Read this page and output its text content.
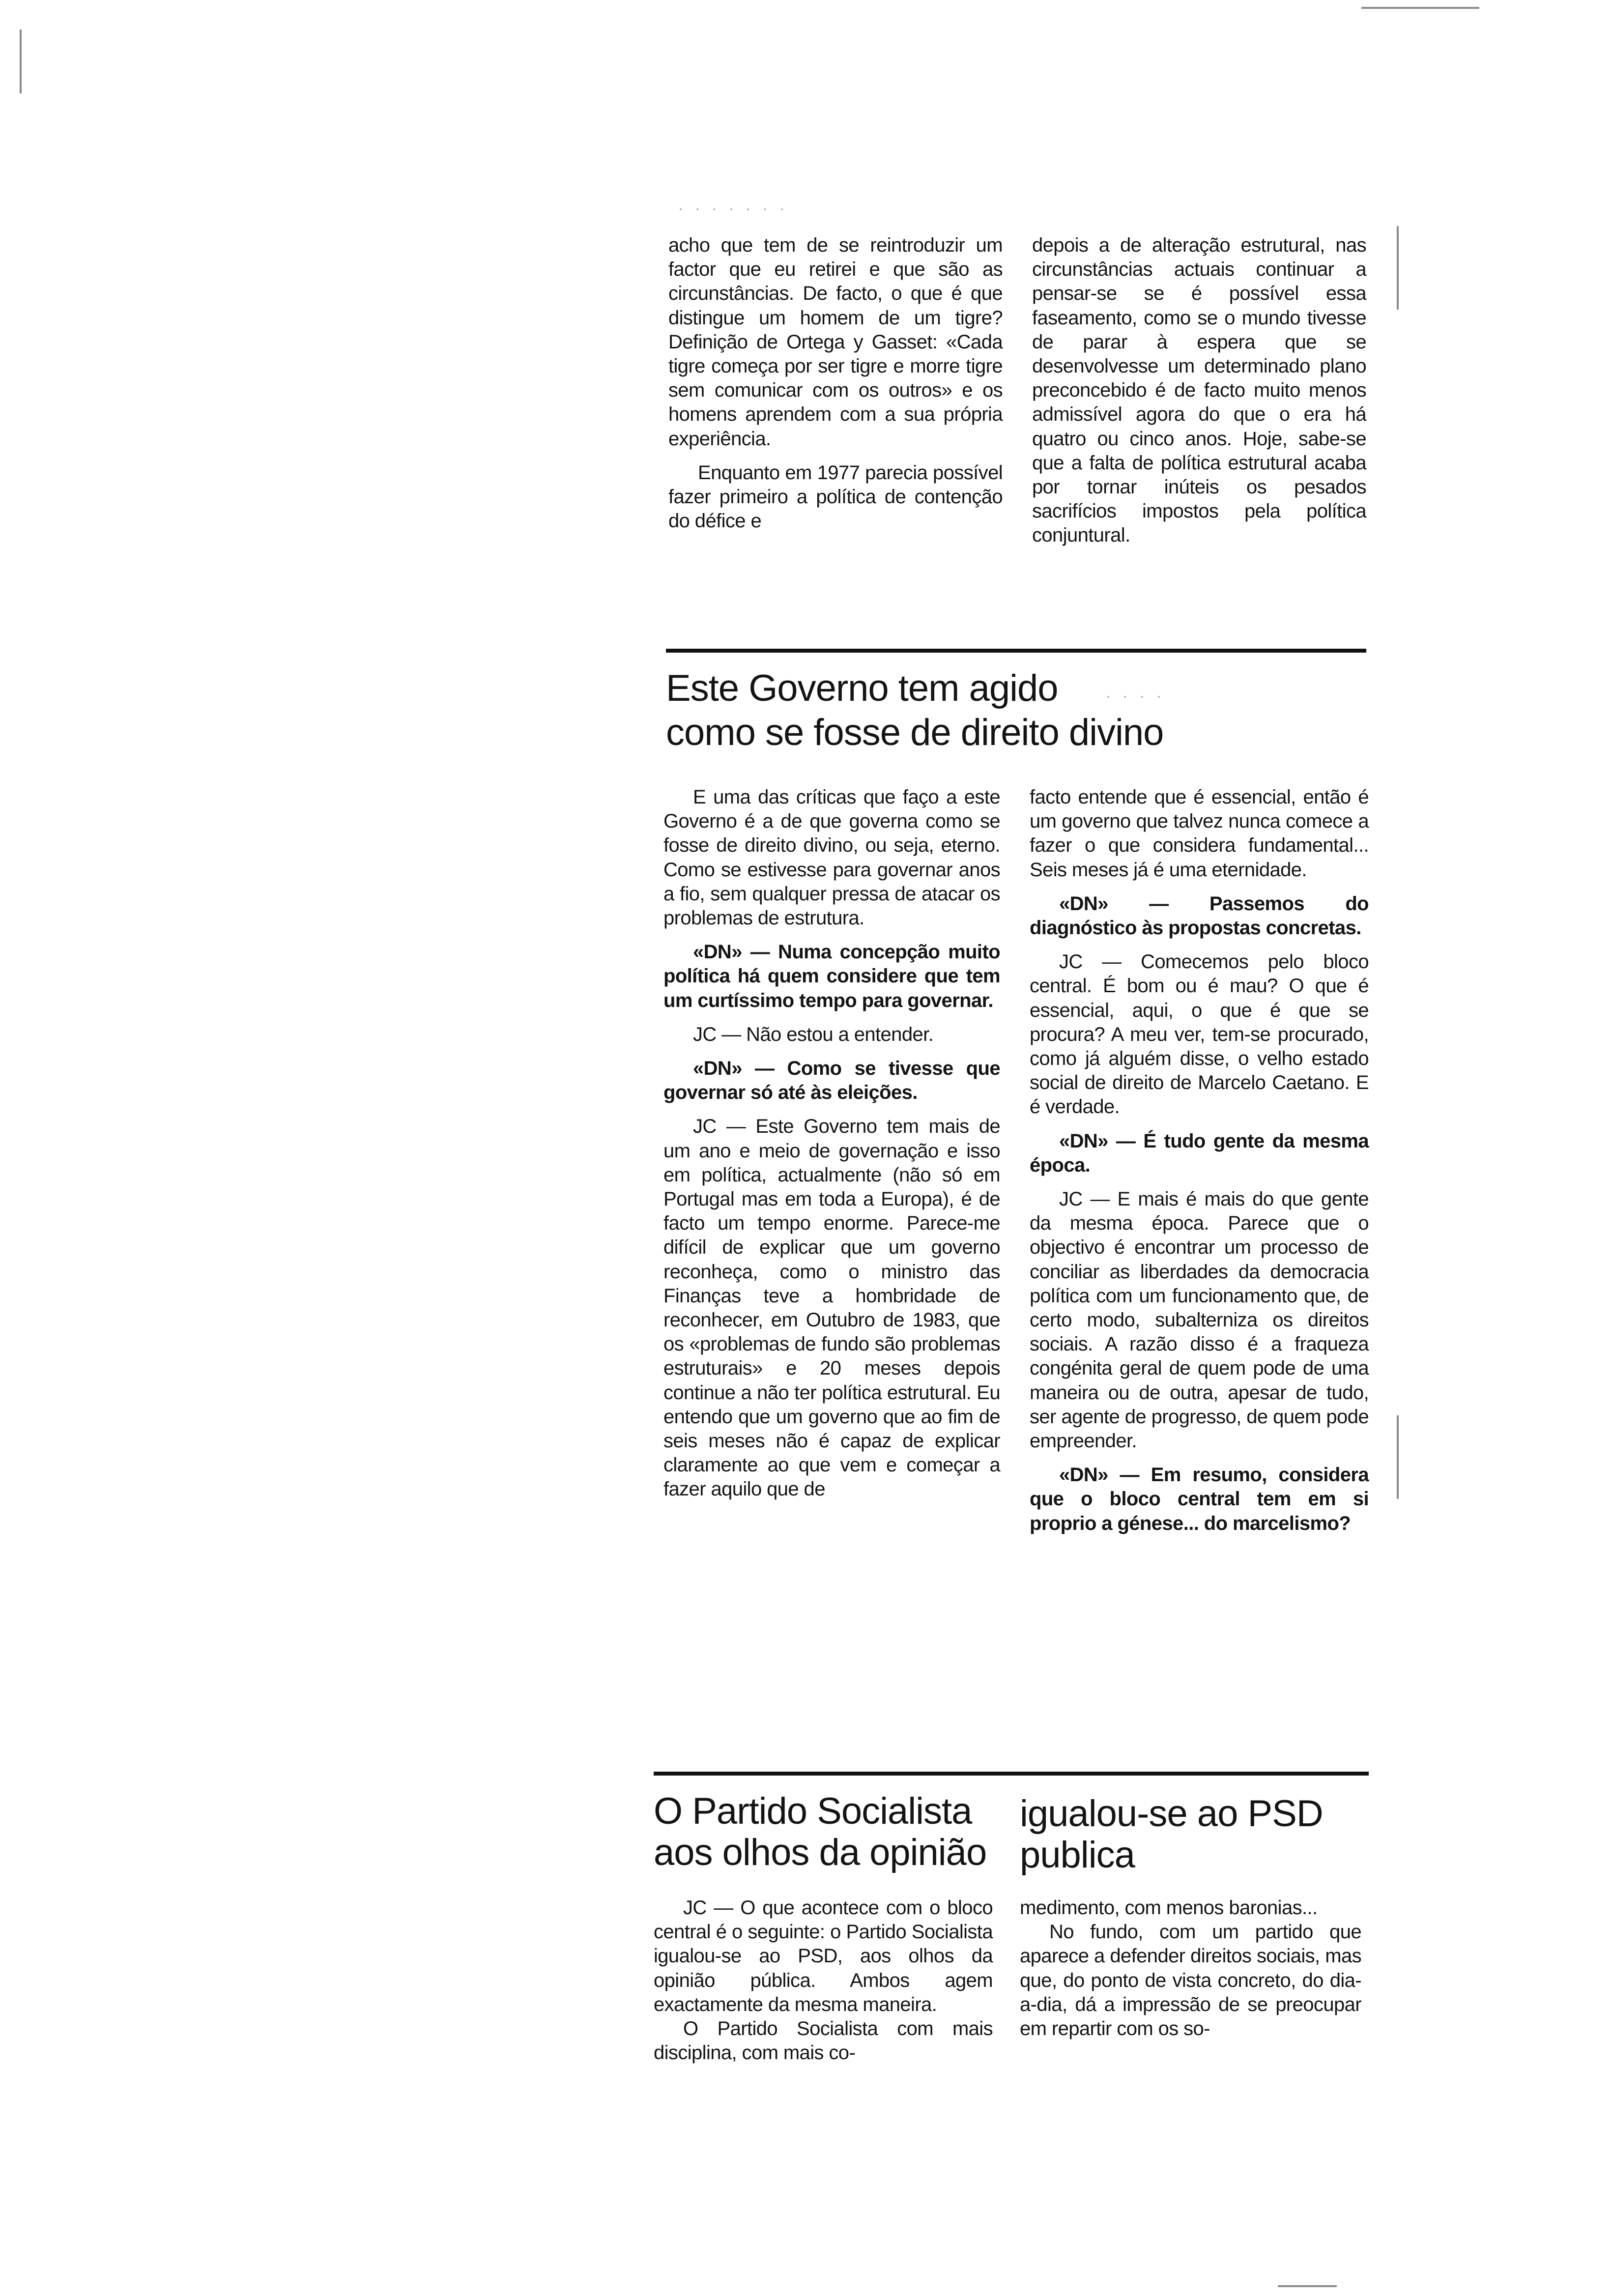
· · · · · · ·
· · · ·

acho que tem de se reintroduzir um factor que eu retirei e que são as circunstâncias. De facto, o que é que distingue um homem de um tigre? Definição de Ortega y Gasset: «Cada tigre começa por ser tigre e morre tigre sem comunicar com os outros» e os homens aprendem com a sua própria experiência.

Enquanto em 1977 parecia possível fazer primeiro a política de contenção do défice e

depois a de alteração estrutural, nas circunstâncias actuais continuar a pensar-se se é possível essa faseamento, como se o mundo tivesse de parar à espera que se desenvolvesse um determinado plano preconcebido é de facto muito menos admissível agora do que o era há quatro ou cinco anos. Hoje, sabe-se que a falta de política estrutural acaba por tornar inúteis os pesados sacrifícios impostos pela política conjuntural.

Este Governo tem agido
como se fosse de direito divino

E uma das críticas que faço a este Governo é a de que governa como se fosse de direito divino, ou seja, eterno. Como se estivesse para governar anos a fio, sem qualquer pressa de atacar os problemas de estrutura.

«DN» — Numa concepção muito política há quem considere que tem um curtíssimo tempo para governar.

JC — Não estou a entender.

«DN» — Como se tivesse que governar só até às eleições.

JC — Este Governo tem mais de um ano e meio de governação e isso em política, actualmente (não só em Portugal mas em toda a Europa), é de facto um tempo enorme. Parece-me difícil de explicar que um governo reconheça, como o ministro das Finanças teve a hombridade de reconhecer, em Outubro de 1983, que os «problemas de fundo são problemas estruturais» e 20 meses depois continue a não ter política estrutural. Eu entendo que um governo que ao fim de seis meses não é capaz de explicar claramente ao que vem e começar a fazer aquilo que de

facto entende que é essencial, então é um governo que talvez nunca comece a fazer o que considera fundamental... Seis meses já é uma eternidade.

«DN» — Passemos do diagnóstico às propostas concretas.

JC — Comecemos pelo bloco central. É bom ou é mau? O que é essencial, aqui, o que é que se procura? A meu ver, tem-se procurado, como já alguém disse, o velho estado social de direito de Marcelo Caetano. E é verdade.

«DN» — É tudo gente da mesma época.

JC — E mais é mais do que gente da mesma época. Parece que o objectivo é encontrar um processo de conciliar as liberdades da democracia política com um funcionamento que, de certo modo, subalterniza os direitos sociais. A razão disso é a fraqueza congénita geral de quem pode de uma maneira ou de outra, apesar de tudo, ser agente de progresso, de quem pode empreender.

«DN» — Em resumo, considera que o bloco central tem em si proprio a génese... do marcelismo?

O Partido Socialista
aos olhos da opinião
igualou-se ao PSD
publica

JC — O que acontece com o bloco central é o seguinte: o Partido Socialista igualou-se ao PSD, aos olhos da opinião pública. Ambos agem exactamente da mesma maneira.

O Partido Socialista com mais disciplina, com mais co-

medimento, com menos baronias...

No fundo, com um partido que aparece a defender direitos sociais, mas que, do ponto de vista concreto, do dia-a-dia, dá a impressão de se preocupar em repartir com os so-
